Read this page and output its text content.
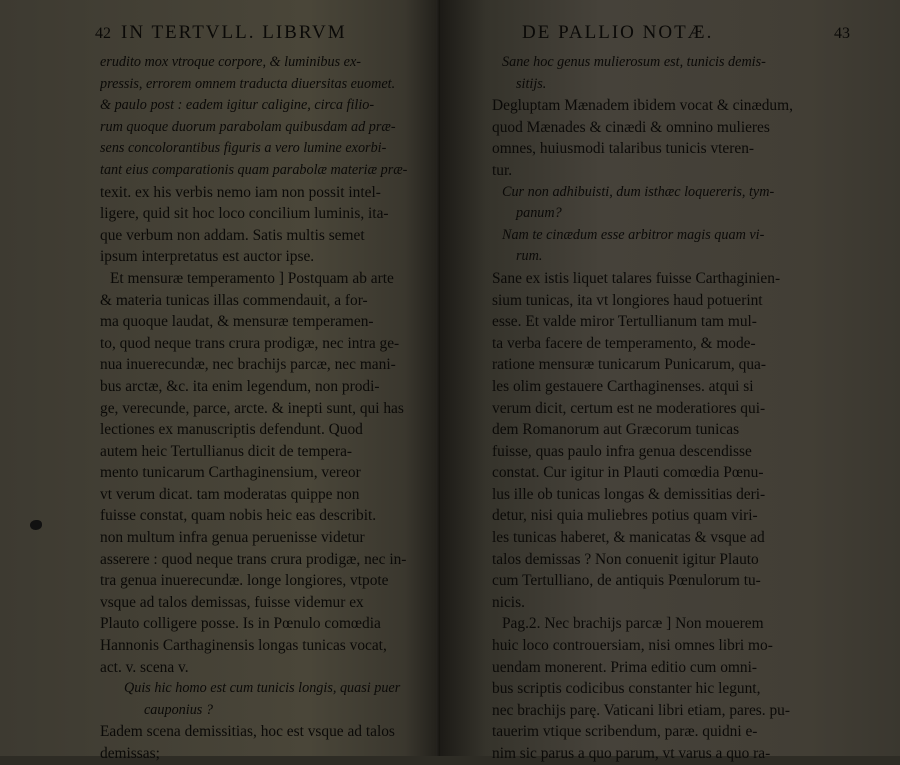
42 IN TERTVLL. LIBRVM
erudito mox vtroque corpore, & luminibus ex-
pressis, errorem omnem traducta diuersitas euomet.
& paulo post : eadem igitur caligine, circa filio-
rum quoque duorum parabolam quibusdam ad præ-
sens concolorantibus figuris a vero lumine exorbi-
tant eius comparationis quam parabolæ materiæ præ-
texit. ex his verbis nemo iam non possit intel-
ligere, quid sit hoc loco concilium luminis, ita-
que verbum non addam. Satis multis semet
ipsum interpretatus est auctor ipse.
Et mensuræ temperamento ] Postquam ab arte
& materia tunicas illas commendauit, a for-
ma quoque laudat, & mensuræ temperamen-
to, quod neque trans crura prodigæ, nec intra ge-
nua inuerecundæ, nec brachijs parcæ, nec mani-
bus arctæ, &c. ita enim legendum, non prodi-
ge, verecunde, parce, arcte. & inepti sunt, qui has
lectiones ex manuscriptis defendunt. Quod
autem heic Tertullianus dicit de tempera-
mento tunicarum Carthaginensium, vereor
vt verum dicat. tam moderatas quippe non
fuisse constat, quam nobis heic eas describit.
non multum infra genua peruenisse videtur
asserere : quod neque trans crura prodigæ, nec in-
tra genua inuerecundæ. longe longiores, vtpote
vsque ad talos demissas, fuisse videmur ex
Plauto colligere posse. Is in Pœnulo comœdia
Hannonis Carthaginensis longas tunicas vocat,
act. v. scena v.
Quis hic homo est cum tunicis longis, quasi puer
cauponius ?
Eadem scena demissitias, hoc est vsque ad talos
demissas;
DE PALLIO NOTÆ.	43
Sane hoc genus mulierosum est, tunicis demis-
sitijs.
Degluptam Mænadem ibidem vocat & cinædum,
quod Mænades & cinædi & omnino mulieres
omnes, huiusmodi talaribus tunicis vteren-
tur.
Cur non adhibuisti, dum isthæc loquereris, tym-
panum?
Nam te cinædum esse arbitror magis quam vi-
rum.
Sane ex istis liquet talares fuisse Carthaginien-
sium tunicas, ita vt longiores haud potuerint
esse. Et valde miror Tertullianum tam mul-
ta verba facere de temperamento, & mode-
ratione mensuræ tunicarum Punicarum, qua-
les olim gestauere Carthaginenses. atqui si
verum dicit, certum est ne moderatiores qui-
dem Romanorum aut Græcorum tunicas
fuisse, quas paulo infra genua descendisse
constat. Cur igitur in Plauti comœdia Pœnu-
lus ille ob tunicas longas & demissitias deri-
detur, nisi quia muliebres potius quam viri-
les tunicas haberet, & manicatas & vsque ad
talos demissas ? Non conuenit igitur Plauto
cum Tertulliano, de antiquis Pœnulorum tu-
nicis.
Pag.2. Nec brachijs parcæ ] Non mouerem
huic loco controuersiam, nisi omnes libri mo-
uendam monerent. Prima editio cum omni-
bus scriptis codicibus constanter hic legunt,
nec brachijs parę. Vaticani libri etiam, pares. pu-
tauerim vtique scribendum, paræ. quidni e-
nim sic parus a quo parum, vt varus a quo ra-
